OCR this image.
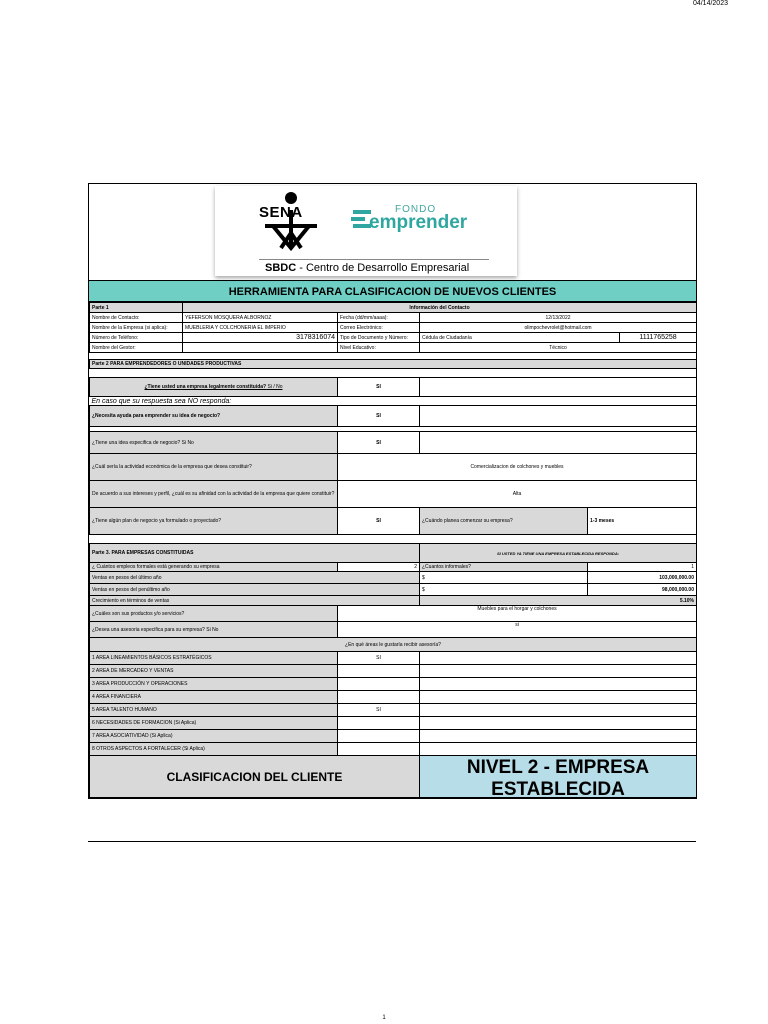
04/14/2023
SENA	FONDO
emprender
SBDC - Centro de Desarrollo Empresarial
HERRAMIENTA PARA CLASIFICACION DE NUEVOS CLIENTES
Parte 1	Información del Contacto			
Nombre de Contacto:	YEFERSON MOSQUERA ALBORNOZ	Fecha (dd/mm/aaaa):	12/13/2022	
Nombre de la Empresa (si aplica):	MUEBLERIA Y COLCHONERIA EL IMPERIO	Correo Electrónico:	olimpochevrolet@hotmail.com	
Número de Teléfono:	3178316074	Tipo de Documento y Número:	Cédula de Ciudadanía	1111765258
Nombre del Gestor:		Nivel Educativo:	Técnico	

Parte 2 PARA EMPRENDEDORES O UNIDADES PRODUCTIVAS			

¿Tiene usted una empresa legalmente constituida? Si / No	SI		
En caso que su respuesta sea NO responda:			
¿Necesita ayuda para emprender su idea de negocio?	SI		

¿Tiene una idea especifica de negocio? Si No	SI		
¿Cuál sería la actividad económica de la empresa que desea constituir?	Comercializacion de colchones y muebles		
De acuerdo a sus intereses y perfil, ¿cuál es su afinidad con la actividad de la empresa que quiere constituir?	Alta		
¿Tiene algún plan de negocio ya formulado o proyectado?	SI	¿Cuándo planea comenzar su empresa?	1-3 meses

Parte 3. PARA EMPRESAS CONSTITUIDAS		SI USTED YA TIENE UNA EMPRESA ESTABLECIDA RESPONDA:	
¿ Cuántos empleos formales está generando su empresa	2	¿Cuantos informales?	1
Ventas en pesos del último año		$	103,000,000.00
Ventas en pesos del penúltimo año		$	98,000,000.00
Crecimiento en términos de ventas		5.10%	
¿Cuáles son sus productos y/o servicios?	Muebles para el horgar y colchones		
¿Desea una asesoria especifica para su empresa? Si No	si		
¿En qué áreas le gustaría recibir asesoría?			
1 AREA LINEAMIENTOS BÁSICOS ESTRATÉGICOS	SI		
2 AREA DE MERCADEO Y VENTAS			
3 AREA PRODUCCIÓN Y OPERACIONES			
4 AREA FINANCIERA			
5 AREA TALENTO HUMANO	SI		
6 NECESIDADES DE FORMACION (Si Aplica)			
7 AREA ASOCIATIVIDAD (Si Aplica)			
8 OTROS ASPECTOS A FORTALECER (Si Aplica)			
CLASIFICACION DEL CLIENTE		NIVEL 2 - EMPRESA ESTABLECIDA	
1
